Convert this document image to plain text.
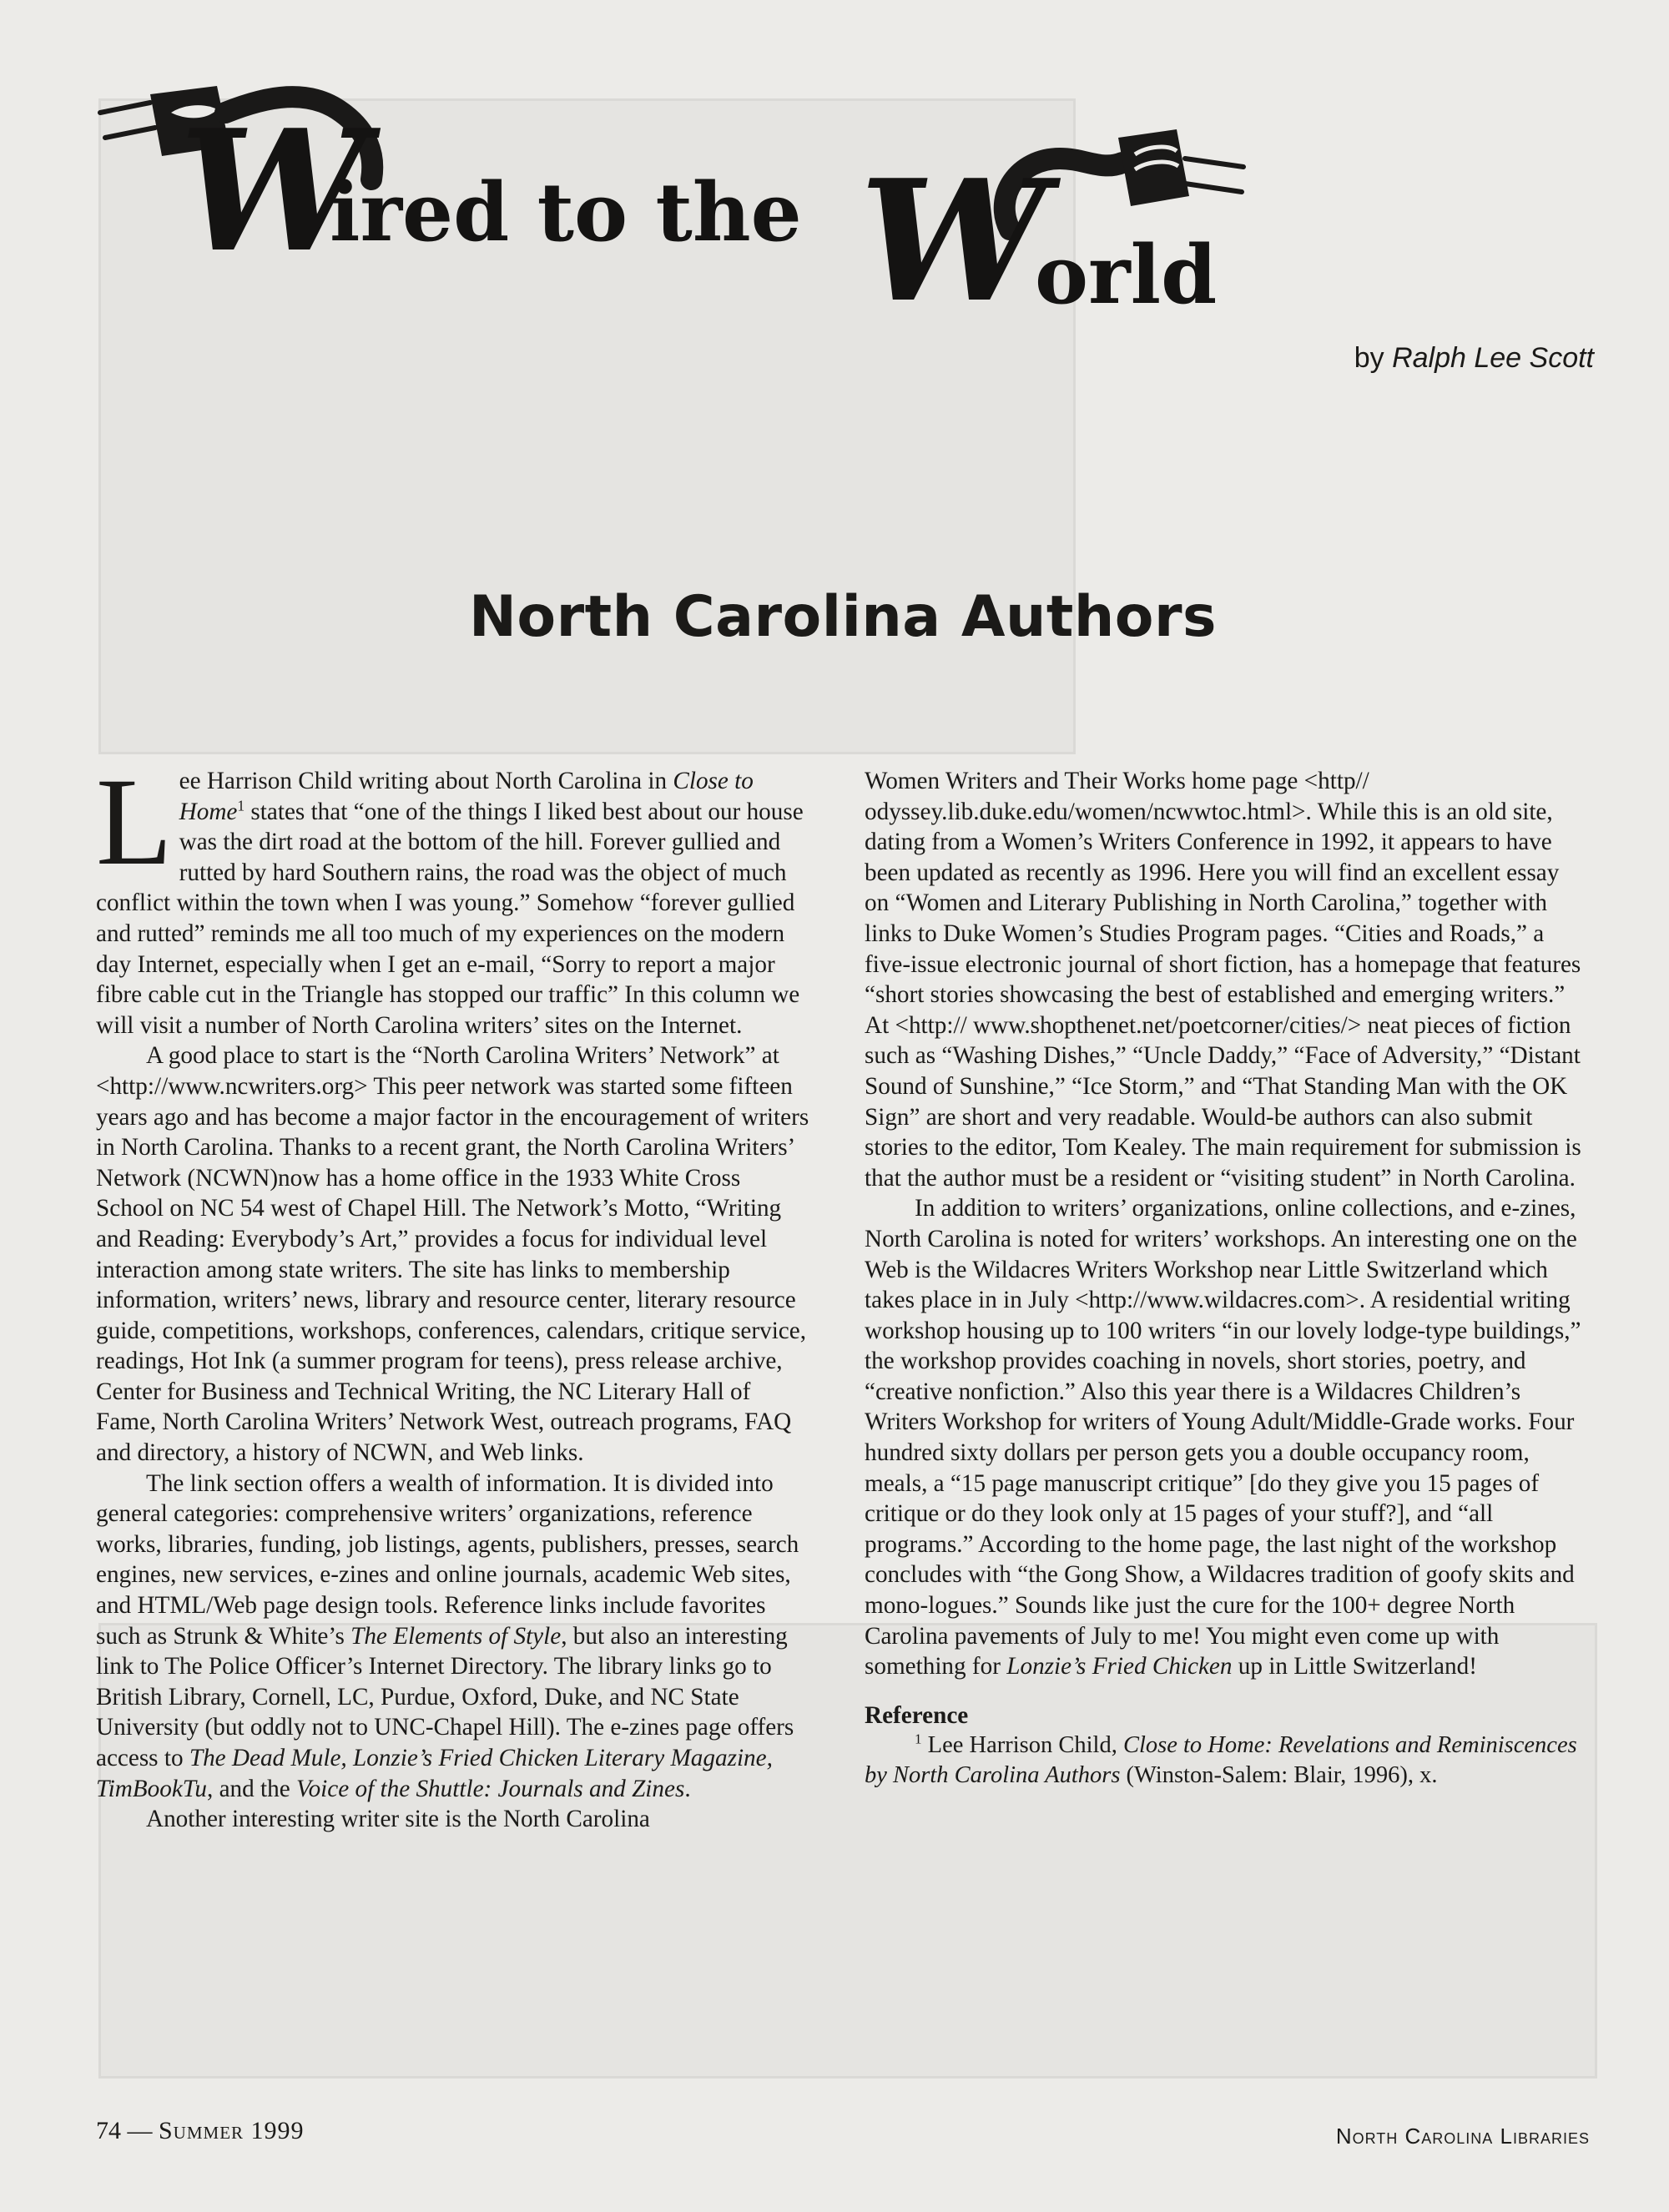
W
ired to the W
orld
by Ralph Lee Scott
North Carolina Authors

Lee Harrison Child writing about North Carolina in Close to Home$^1$ states that “one of the things I liked best about our house was the dirt road at the bottom of the hill. Forever gullied and rutted by hard Southern rains, the road was the object of much conflict within the town when I was young.” Somehow “forever gullied and rutted” reminds me all too much of my experiences on the modern day Internet, especially when I get an e-mail, “Sorry to report a major fibre cable cut in the Triangle has stopped our traffic” In this column we will visit a number of North Carolina writers’ sites on the Internet.

A good place to start is the “North Carolina Writers’ Network” at <http://www.ncwriters.org> This peer network was started some fifteen years ago and has become a major factor in the encouragement of writers in North Carolina. Thanks to a recent grant, the North Carolina Writers’ Network (NCWN)now has a home office in the 1933 White Cross School on NC 54 west of Chapel Hill. The Network’s Motto, “Writing and Reading: Everybody’s Art,” provides a focus for individual level interaction among state writers. The site has links to membership information, writers’ news, library and resource center, literary resource guide, competitions, workshops, conferences, calendars, critique service, readings, Hot Ink (a summer program for teens), press release archive, Center for Business and Technical Writing, the NC Literary Hall of Fame, North Carolina Writers’ Network West, outreach programs, FAQ and directory, a history of NCWN, and Web links.

The link section offers a wealth of information. It is divided into general categories: comprehensive writers’ organizations, reference works, libraries, funding, job listings, agents, publishers, presses, search engines, new services, e-zines and online journals, academic Web sites, and HTML/Web page design tools. Reference links include favorites such as Strunk & White’s The Elements of Style, but also an interesting link to The Police Officer’s Internet Directory. The library links go to British Library, Cornell, LC, Purdue, Oxford, Duke, and NC State University (but oddly not to UNC-Chapel Hill). The e-zines page offers access to The Dead Mule, Lonzie’s Fried Chicken Literary Magazine, TimBookTu, and the Voice of the Shuttle: Journals and Zines.

Another interesting writer site is the North Carolina

Women Writers and Their Works home page <http// odyssey.lib.duke.edu/women/ncwwtoc.html>. While this is an old site, dating from a Women’s Writers Conference in 1992, it appears to have been updated as recently as 1996. Here you will find an excellent essay on “Women and Literary Publishing in North Carolina,” together with links to Duke Women’s Studies Program pages. “Cities and Roads,” a five-issue electronic journal of short fiction, has a homepage that features “short stories showcasing the best of established and emerging writers.” At <http:// www.shopthenet.net/poetcorner/cities/> neat pieces of fiction such as “Washing Dishes,” “Uncle Daddy,” “Face of Adversity,” “Distant Sound of Sunshine,” “Ice Storm,” and “That Standing Man with the OK Sign” are short and very readable. Would-be authors can also submit stories to the editor, Tom Kealey. The main requirement for submission is that the author must be a resident or “visiting student” in North Carolina.

In addition to writers’ organizations, online collections, and e-zines, North Carolina is noted for writers’ workshops. An interesting one on the Web is the Wildacres Writers Workshop near Little Switzerland which takes place in in July <http://www.wildacres.com>. A residential writing workshop housing up to 100 writers “in our lovely lodge-type buildings,” the workshop provides coaching in novels, short stories, poetry, and “creative nonfiction.” Also this year there is a Wildacres Children’s Writers Workshop for writers of Young Adult/Middle-Grade works. Four hundred sixty dollars per person gets you a double occupancy room, meals, a “15 page manuscript critique” [do they give you 15 pages of critique or do they look only at 15 pages of your stuff?], and “all programs.” According to the home page, the last night of the workshop concludes with “the Gong Show, a Wildacres tradition of goofy skits and mono-logues.” Sounds like just the cure for the 100+ degree North Carolina pavements of July to me! You might even come up with something for Lonzie’s Fried Chicken up in Little Switzerland!

Reference

$^1$ Lee Harrison Child, Close to Home: Revelations and Reminiscences by North Carolina Authors (Winston-Salem: Blair, 1996), x.

74 — Summer 1999	North Carolina Libraries
